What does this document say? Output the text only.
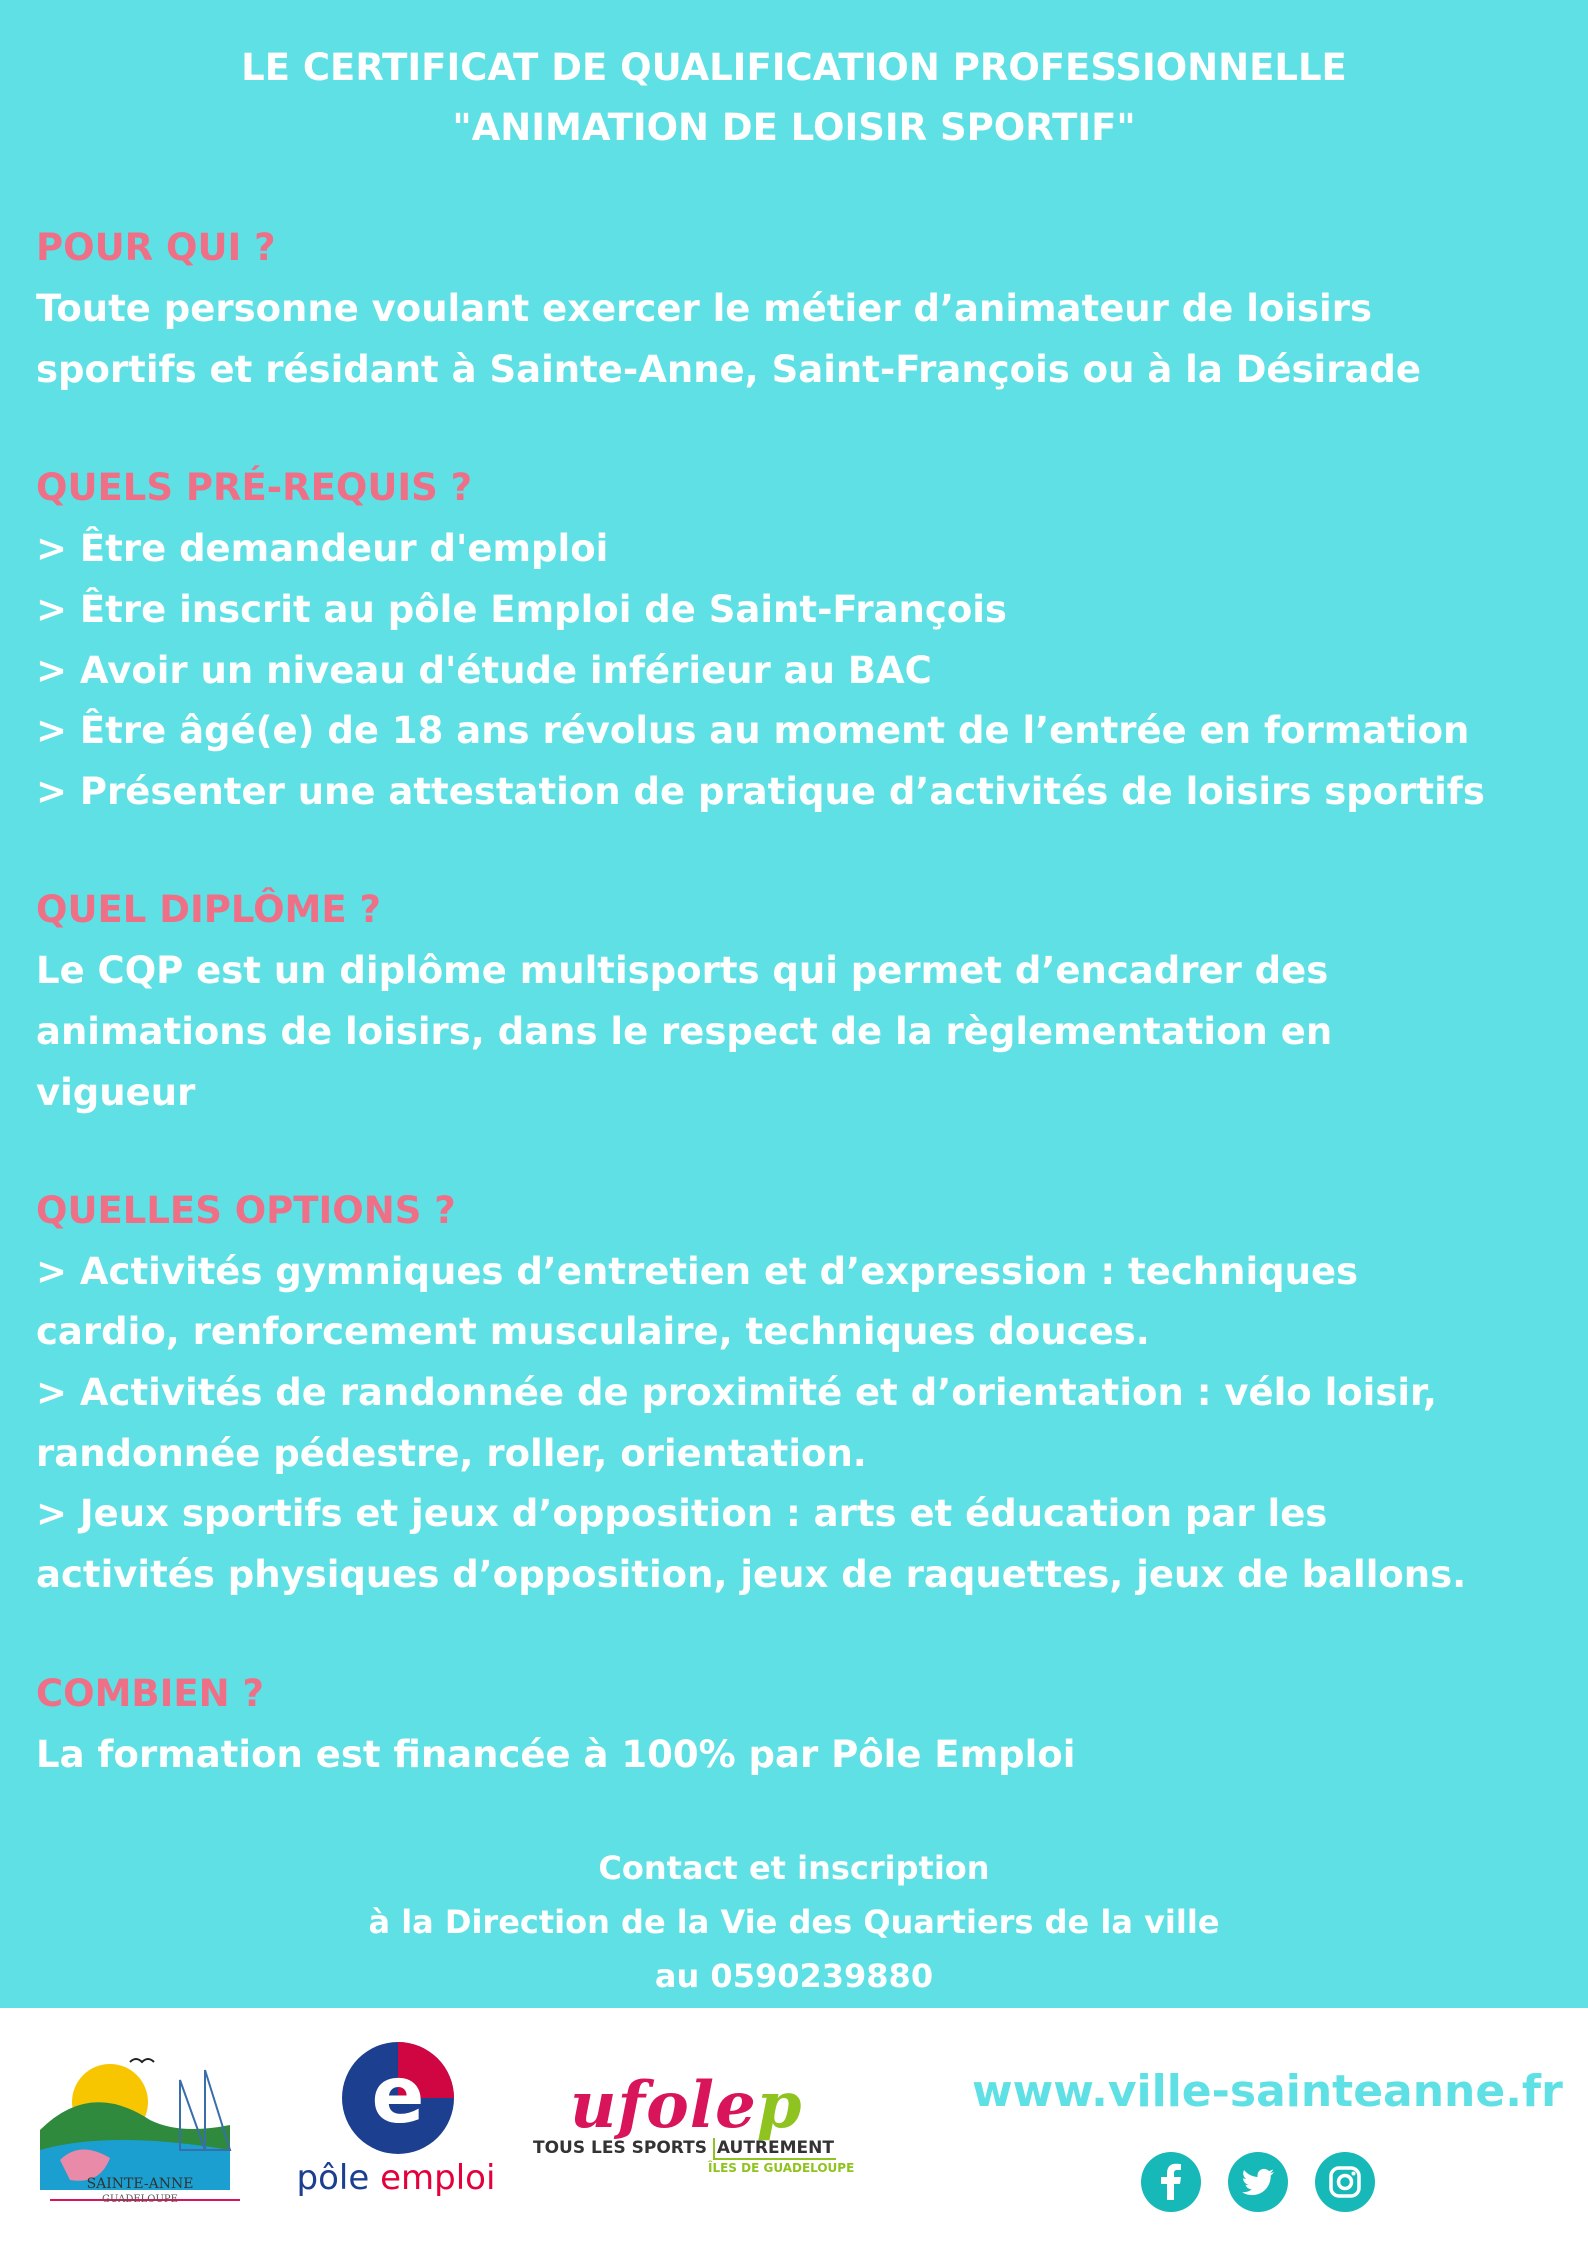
LE CERTIFICAT DE QUALIFICATION PROFESSIONNELLE
"ANIMATION DE LOISIR SPORTIF"
POUR QUI ?
Toute personne voulant exercer le métier d’animateur de loisirs
sportifs et résidant à Sainte-Anne, Saint-François ou à la Désirade
QUELS PRÉ-REQUIS ?
> Être demandeur d'emploi
> Être inscrit au pôle Emploi de Saint-François
> Avoir un niveau d'étude inférieur au BAC
> Être âgé(e) de 18 ans révolus au moment de l’entrée en formation
> Présenter une attestation de pratique d’activités de loisirs sportifs
QUEL DIPLÔME ?
Le CQP est un diplôme multisports qui permet d’encadrer des
animations de loisirs, dans le respect de la règlementation en
vigueur
QUELLES OPTIONS ?
> Activités gymniques d’entretien et d’expression : techniques
cardio, renforcement musculaire, techniques douces.
> Activités de randonnée de proximité et d’orientation : vélo loisir,
randonnée pédestre, roller, orientation.
> Jeux sportifs et jeux d’opposition : arts et éducation par les
activités physiques d’opposition, jeux de raquettes, jeux de ballons.
COMBIEN ?
La formation est financée à 100% par Pôle Emploi
Contact et inscription
à la Direction de la Vie des Quartiers de la ville
au 0590239880
SAINTE-ANNE
GUADELOUPE
e
pôle emploi
ufolep
TOUS LES SPORTS AUTREMENT
ÎLES DE GUADELOUPE
www.ville-sainteanne.fr
